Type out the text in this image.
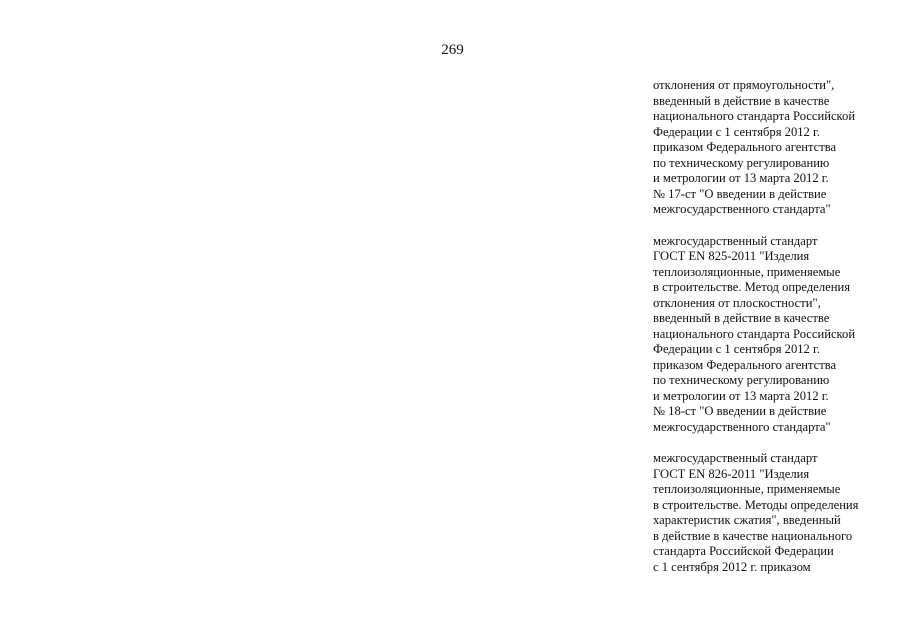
269
отклонения от прямоугольности",
введенный в действие в качестве
национального стандарта Российской
Федерации с 1 сентября 2012 г.
приказом Федерального агентства
по техническому регулированию
и метрологии от 13 марта 2012 г.
№ 17-ст "О введении в действие
межгосударственного стандарта"
межгосударственный стандарт
ГОСТ EN 825-2011 "Изделия
теплоизоляционные, применяемые
в строительстве. Метод определения
отклонения от плоскостности",
введенный в действие в качестве
национального стандарта Российской
Федерации с 1 сентября 2012 г.
приказом Федерального агентства
по техническому регулированию
и метрологии от 13 марта 2012 г.
№ 18-ст "О введении в действие
межгосударственного стандарта"
межгосударственный стандарт
ГОСТ EN 826-2011 "Изделия
теплоизоляционные, применяемые
в строительстве. Методы определения
характеристик сжатия", введенный
в действие в качестве национального
стандарта Российской Федерации
с 1 сентября 2012 г. приказом
